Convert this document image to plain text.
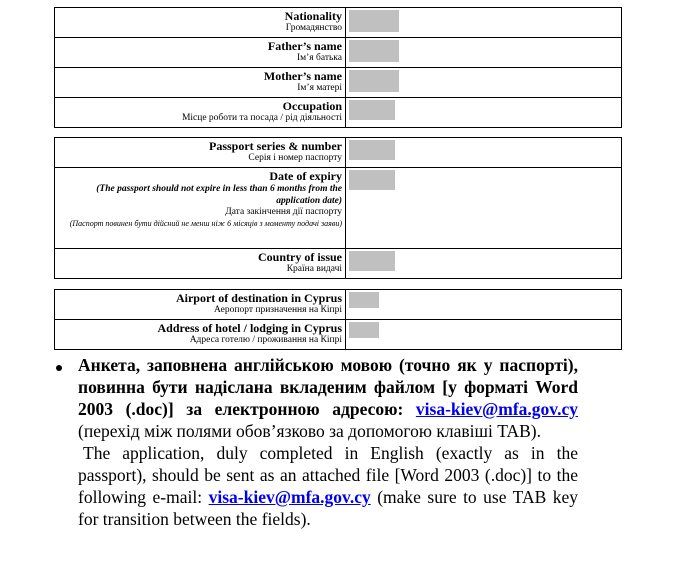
Nationality
Громадянство	

Father’s name
Ім’я батька	

Mother’s name
Ім’я матері	

Occupation
Місце роботи та посада / рід діяльності	

Passport series & number
Серія і номер паспорту	

Date of expiry
(The passport should not expire in less than 6 months from the application date)
Дата закінчення дії паспорту
(Паспорт повинен бути дійсний не менш ніж 6 місяців з моменту подачі заяви)	

Country of issue
Країна видачі	

Airport of destination in Cyprus
Аеропорт призначення на Кіпрі	

Address of hotel / lodging in Cyprus
Адреса готелю / проживання на Кіпрі	

Анкета, заповнена англійською мовою (точно як у паспорті), повинна бути надіслана вкладеним файлом [у форматі Word 2003 (.doc)] за електронною адресою: visa-kiev@mfa.gov.cy (перехід між полями обов’язково за допомогою клавіші TAB).
The application, duly completed in English (exactly as in the passport), should be sent as an attached file [Word 2003 (.doc)] to the following e-mail: visa-kiev@mfa.gov.cy (make sure to use TAB key for transition between the fields).
